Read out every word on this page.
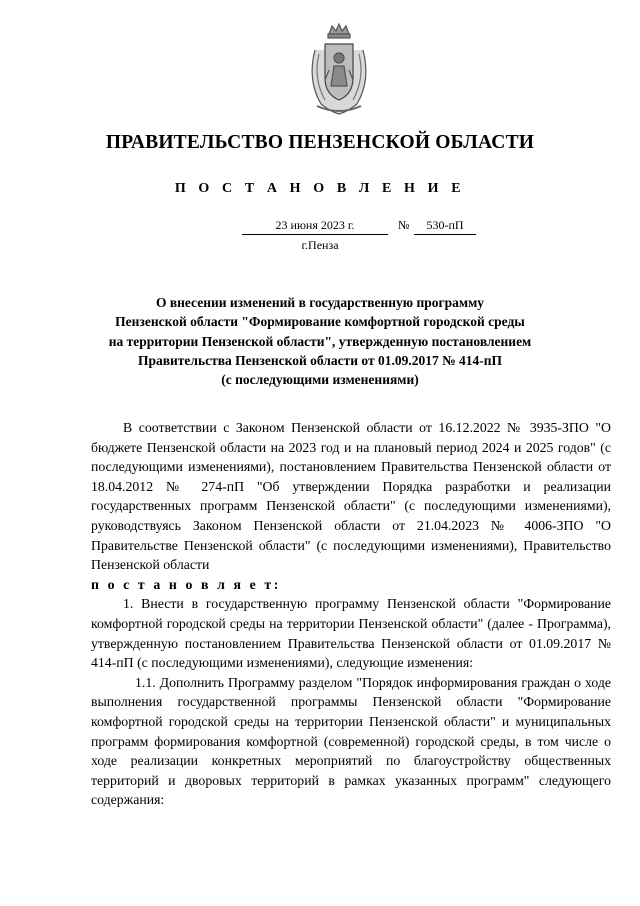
ПРАВИТЕЛЬСТВО ПЕНЗЕНСКОЙ ОБЛАСТИ
П О С Т А Н О В Л Е Н И Е
23 июня 2023 г.	№	530-пП
г.Пенза
О внесении изменений в государственную программу
Пензенской области "Формирование комфортной городской среды
на территории Пензенской области", утвержденную постановлением
Правительства Пензенской области от 01.09.2017 № 414-пП
(с последующими изменениями)

В соответствии с Законом Пензенской области от 16.12.2022 № 3935-ЗПО "О бюджете Пензенской области на 2023 год и на плановый период 2024 и 2025 годов" (с последующими изменениями), постановлением Правительства Пензенской области от 18.04.2012 № 274-пП "Об утверждении Порядка разработки и реализации государственных программ Пензенской области" (с последующими изменениями), руководствуясь Законом Пензенской области от 21.04.2023 № 4006-ЗПО "О Правительстве Пензенской области" (с последующими изменениями), Правительство Пензенской области

п о с т а н о в л я е т:

1. Внести в государственную программу Пензенской области "Формирование комфортной городской среды на территории Пензенской области" (далее - Программа), утвержденную постановлением Правительства Пензенской области от 01.09.2017 № 414-пП (с последующими изменениями), следующие изменения:

1.1. Дополнить Программу разделом "Порядок информирования граждан о ходе выполнения государственной программы Пензенской области "Формирование комфортной городской среды на территории Пензенской области" и муниципальных программ формирования комфортной (современной) городской среды, в том числе о ходе реализации конкретных мероприятий по благоустройству общественных территорий и дворовых территорий в рамках указанных программ" следующего содержания:
